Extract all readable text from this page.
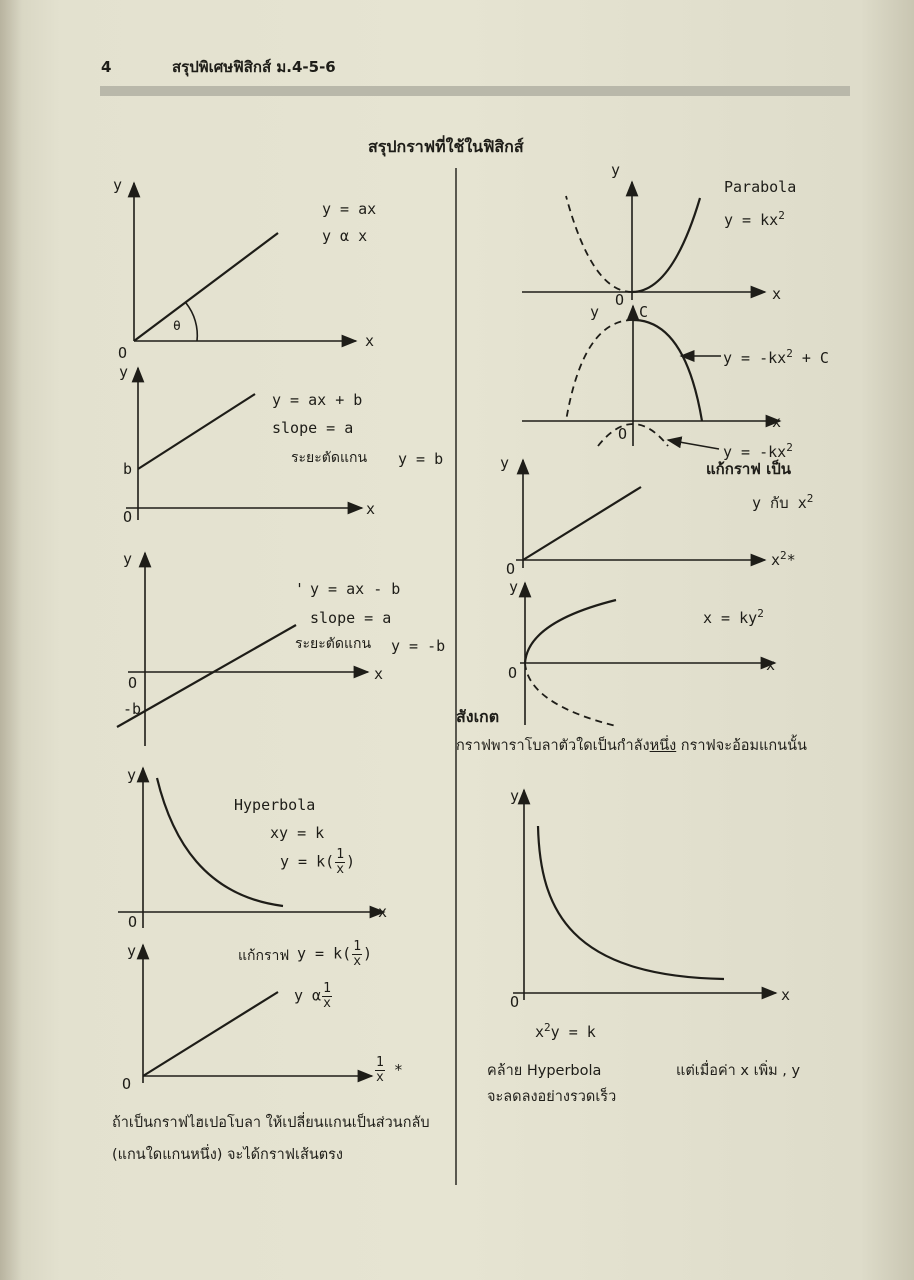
4	สรุปพิเศษฟิสิกส์ ม.4-5-6
สรุปกราฟที่ใช้ในฟิสิกส์
y
x
O
θ
y = ax
y α x
y
x
O
b
y = ax + b
slope = a
ระยะตัดแกน y = b
y
x
O
-b
' y = ax - b
slope = a
ระยะตัดแกน y = -b
y
x
O
Hyperbola
xy = k
$y = k( \frac{1}{x}$ )
y
O
แก้กราฟ $y = k( \frac{1}{x}$ )
y α $\frac{1}{x}$
$\frac{1}{x}$ *
ถ้าเป็นกราฟไฮเปอโบลา ให้เปลี่ยนแกนเป็นส่วนกลับ
(แกนใดแกนหนึ่ง) จะได้กราฟเส้นตรง
y
x
O
Parabola
$y = kx^2$
y	C
x
O
$y = -kx^2 + C$
$y = -kx^2$
แก้กราฟ เป็น
y กับ $x^2$
y
O	$x^2*$
y
x
O
$x = ky^2$
สังเกต
กราฟพาราโบลาตัวใดเป็นกำลังหนึ่ง กราฟจะอ้อมแกนนั้น
y
x
O
$x^2y = k$
คล้าย Hyperbola	แต่เมื่อค่า x เพิ่ม , y
จะลดลงอย่างรวดเร็ว
